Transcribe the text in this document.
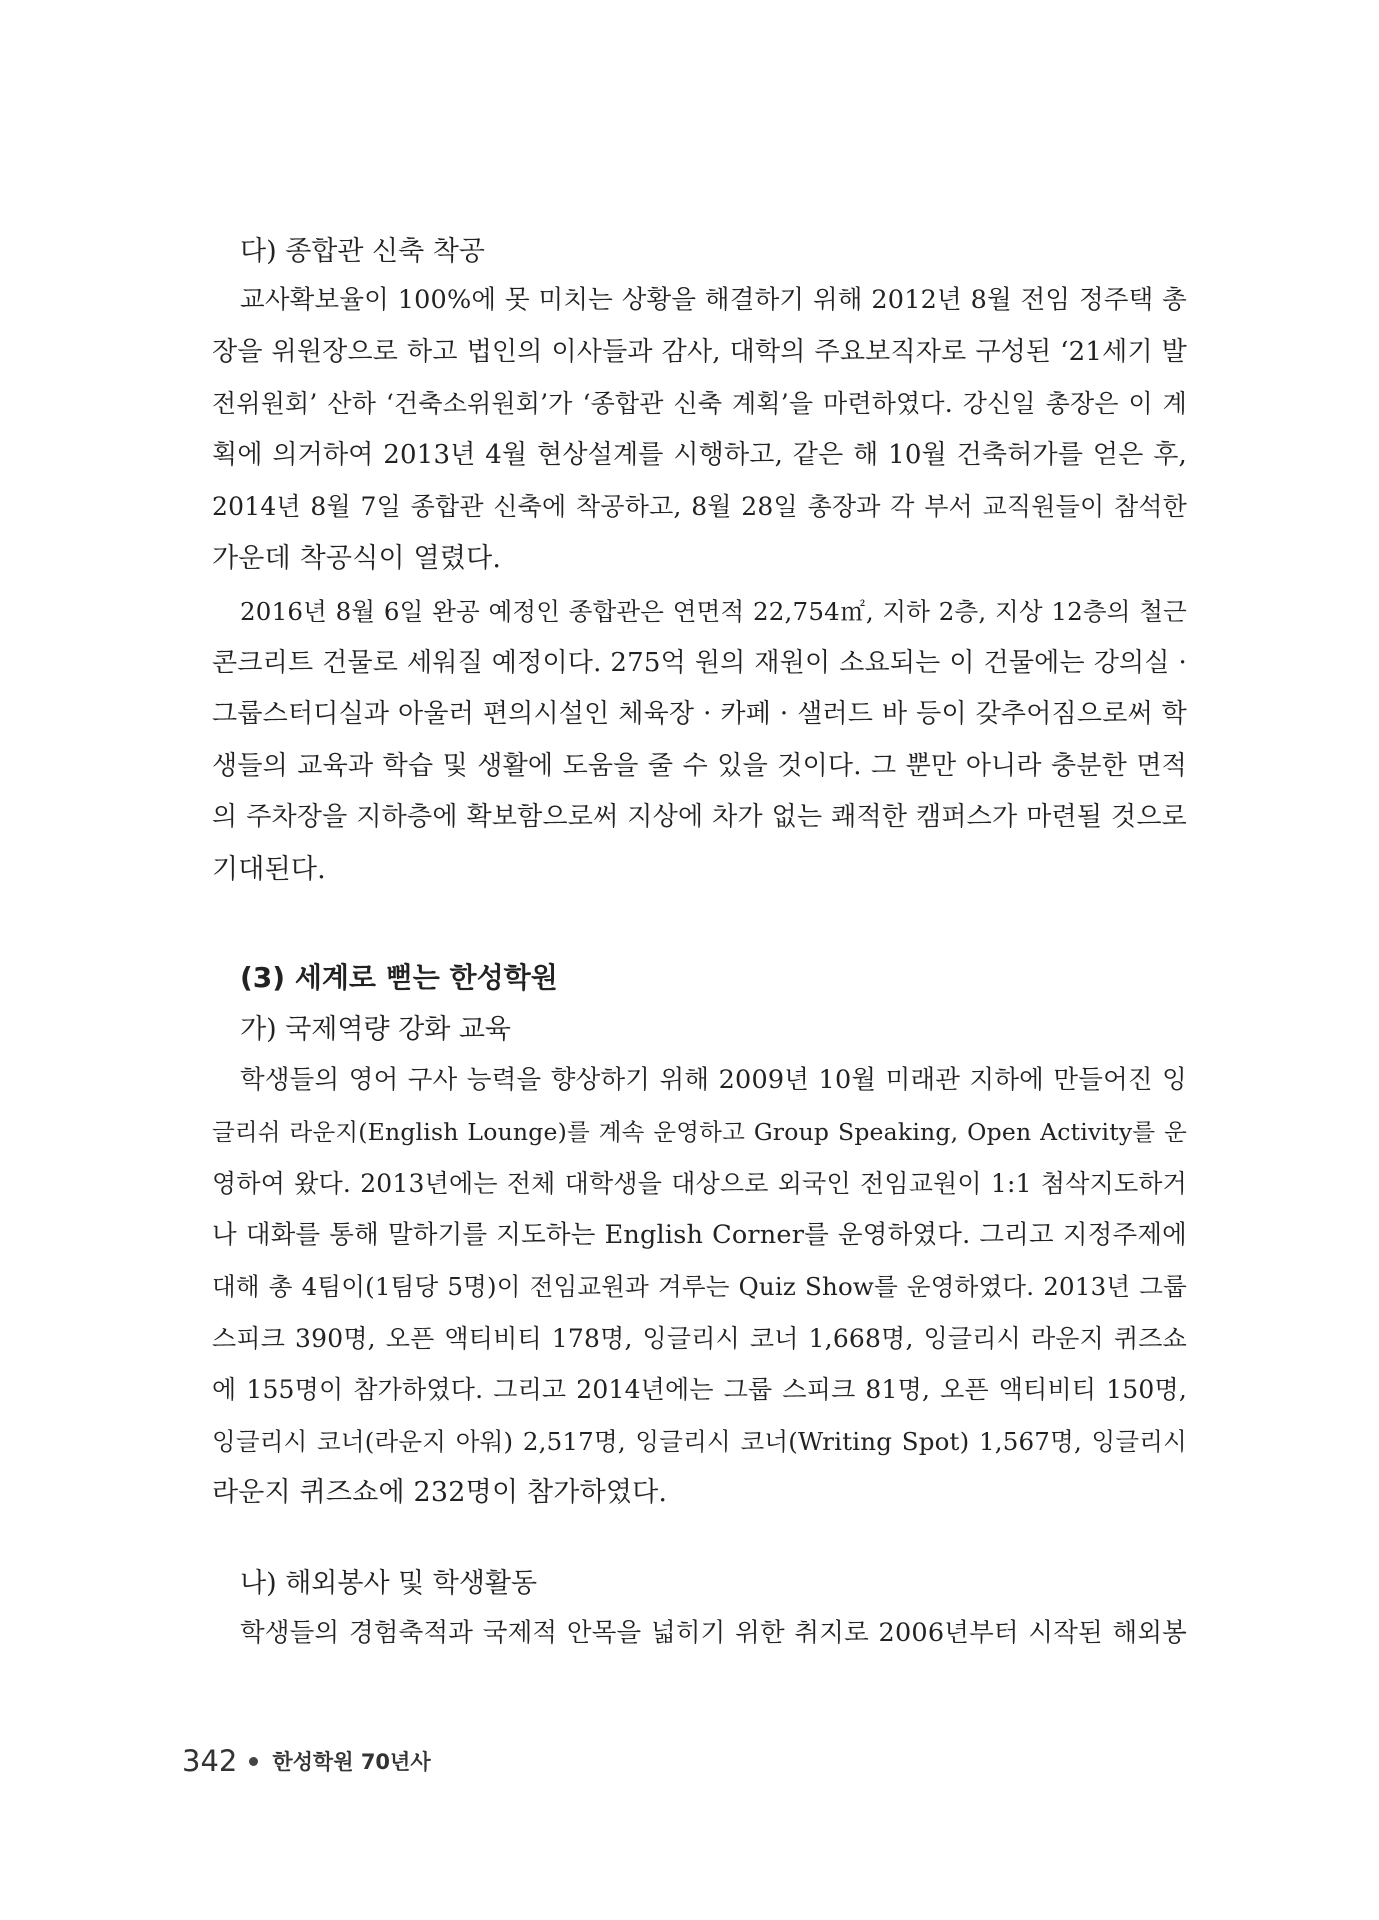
다) 종합관 신축 착공
교사확보율이 100%에 못 미치는 상황을 해결하기 위해 2012년 8월 전임 정주택 총
장을 위원장으로 하고 법인의 이사들과 감사, 대학의 주요보직자로 구성된 ‘21세기 발
전위원회’ 산하 ‘건축소위원회’가 ‘종합관 신축 계획’을 마련하였다. 강신일 총장은 이 계
획에 의거하여 2013년 4월 현상설계를 시행하고, 같은 해 10월 건축허가를 얻은 후,
2014년 8월 7일 종합관 신축에 착공하고, 8월 28일 총장과 각 부서 교직원들이 참석한
가운데 착공식이 열렸다.
2016년 8월 6일 완공 예정인 종합관은 연면적 22,754㎡, 지하 2층, 지상 12층의 철근
콘크리트 건물로 세워질 예정이다. 275억 원의 재원이 소요되는 이 건물에는 강의실 ·
그룹스터디실과 아울러 편의시설인 체육장 · 카페 · 샐러드 바 등이 갖추어짐으로써 학
생들의 교육과 학습 및 생활에 도움을 줄 수 있을 것이다. 그 뿐만 아니라 충분한 면적
의 주차장을 지하층에 확보함으로써 지상에 차가 없는 쾌적한 캠퍼스가 마련될 것으로
기대된다.
(3) 세계로 뻗는 한성학원
가) 국제역량 강화 교육
학생들의 영어 구사 능력을 향상하기 위해 2009년 10월 미래관 지하에 만들어진 잉
글리쉬 라운지(English Lounge)를 계속 운영하고 Group Speaking, Open Activity를 운
영하여 왔다. 2013년에는 전체 대학생을 대상으로 외국인 전임교원이 1:1 첨삭지도하거
나 대화를 통해 말하기를 지도하는 English Corner를 운영하였다. 그리고 지정주제에
대해 총 4팀이(1팀당 5명)이 전임교원과 겨루는 Quiz Show를 운영하였다. 2013년 그룹
스피크 390명, 오픈 액티비티 178명, 잉글리시 코너 1,668명, 잉글리시 라운지 퀴즈쇼
에 155명이 참가하였다. 그리고 2014년에는 그룹 스피크 81명, 오픈 액티비티 150명,
잉글리시 코너(라운지 아워) 2,517명, 잉글리시 코너(Writing Spot) 1,567명, 잉글리시
라운지 퀴즈쇼에 232명이 참가하였다.
나) 해외봉사 및 학생활동
학생들의 경험축적과 국제적 안목을 넓히기 위한 취지로 2006년부터 시작된 해외봉
342 한성학원 70년사
